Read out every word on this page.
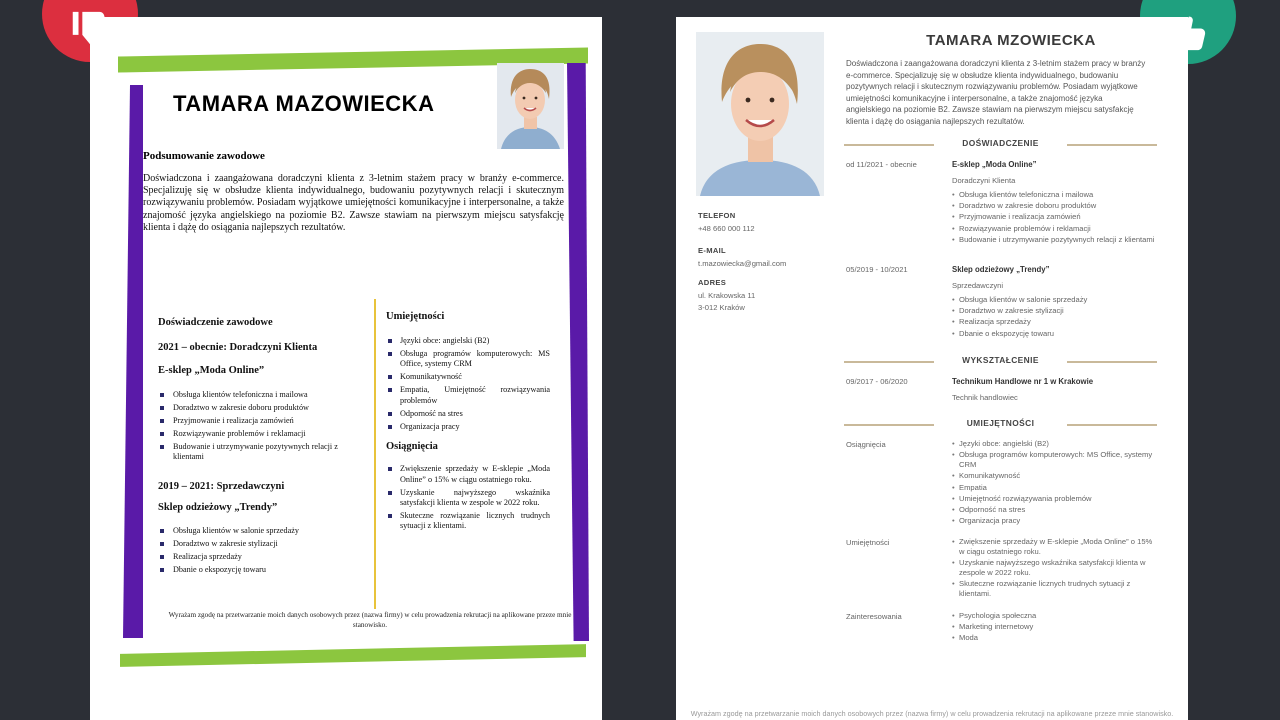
TAMARA MAZOWIECKA
Podsumowanie zawodowe
Doświadczona i zaangażowana doradczyni klienta z 3-letnim stażem pracy w branży e-commerce. Specjalizuję się w obsłudze klienta indywidualnego, budowaniu pozytywnych relacji i skutecznym rozwiązywaniu problemów. Posiadam wyjątkowe umiejętności komunikacyjne i interpersonalne, a także znajomość języka angielskiego na poziomie B2. Zawsze stawiam na pierwszym miejscu satysfakcję klienta i dążę do osiągania najlepszych rezultatów.
Doświadczenie zawodowe
2021 – obecnie: Doradczyni Klienta
E-sklep „Moda Online”
Obsługa klientów telefoniczna i mailowa
Doradztwo w zakresie doboru produktów
Przyjmowanie i realizacja zamówień
Rozwiązywanie problemów i reklamacji
Budowanie i utrzymywanie pozytywnych relacji z klientami
2019 – 2021: Sprzedawczyni
Sklep odzieżowy „Trendy”
Obsługa klientów w salonie sprzedaży
Doradztwo w zakresie stylizacji
Realizacja sprzedaży
Dbanie o ekspozycję towaru
Umiejętności
Języki obce: angielski (B2)
Obsługa programów komputerowych: MS Office, systemy CRM
Komunikatywność
Empatia, Umiejętność rozwiązywania problemów
Odporność na stres
Organizacja pracy
Osiągnięcia
Zwiększenie sprzedaży w E-sklepie „Moda Online” o 15% w ciągu ostatniego roku.
Uzyskanie najwyższego wskaźnika satysfakcji klienta w zespole w 2022 roku.
Skuteczne rozwiązanie licznych trudnych sytuacji z klientami.
Wyrażam zgodę na przetwarzanie moich danych osobowych przez (nazwa firmy) w celu prowadzenia rekrutacji na aplikowane przeze mnie stanowisko.
TAMARA MZOWIECKA
Doświadczona i zaangażowana doradczyni klienta z 3-letnim stażem pracy w branży e-commerce. Specjalizuję się w obsłudze klienta indywidualnego, budowaniu pozytywnych relacji i skutecznym rozwiązywaniu problemów. Posiadam wyjątkowe umiejętności komunikacyjne i interpersonalne, a także znajomość języka angielskiego na poziomie B2. Zawsze stawiam na pierwszym miejscu satysfakcję klienta i dążę do osiągania najlepszych rezultatów.
TELEFON
+48 660 000 112
E-MAIL
t.mazowiecka@gmail.com
ADRES
ul. Krakowska 11
3-012 Kraków
DOŚWIADCZENIE
od 11/2021 - obecnie	E-sklep „Moda Online”
Doradczyni Klienta
• Obsługa klientów telefoniczna i mailowa
• Doradztwo w zakresie doboru produktów
• Przyjmowanie i realizacja zamówień
• Rozwiązywanie problemów i reklamacji
• Budowanie i utrzymywanie pozytywnych relacji z klientami
05/2019 - 10/2021	Sklep odzieżowy „Trendy”
Sprzedawczyni
• Obsługa klientów w salonie sprzedaży
• Doradztwo w zakresie stylizacji
• Realizacja sprzedaży
• Dbanie o ekspozycję towaru
WYKSZTAŁCENIE
09/2017 - 06/2020	Technikum Handlowe nr 1 w Krakowie
Technik handlowiec
UMIEJĘTNOŚCI
Osiągnięcia	• Języki obce: angielski (B2)
• Obsługa programów komputerowych: MS Office, systemy CRM
• Komunikatywność
• Empatia
• Umiejętność rozwiązywania problemów
• Odporność na stres
• Organizacja pracy
Umiejętności	• Zwiększenie sprzedaży w E-sklepie „Moda Online” o 15% w ciągu ostatniego roku.
• Uzyskanie najwyższego wskaźnika satysfakcji klienta w zespole w 2022 roku.
• Skuteczne rozwiązanie licznych trudnych sytuacji z klientami.
Zainteresowania	• Psychologia społeczna
• Marketing internetowy
• Moda
Wyrażam zgodę na przetwarzanie moich danych osobowych przez (nazwa firmy) w celu prowadzenia rekrutacji na aplikowane przeze mnie stanowisko.
